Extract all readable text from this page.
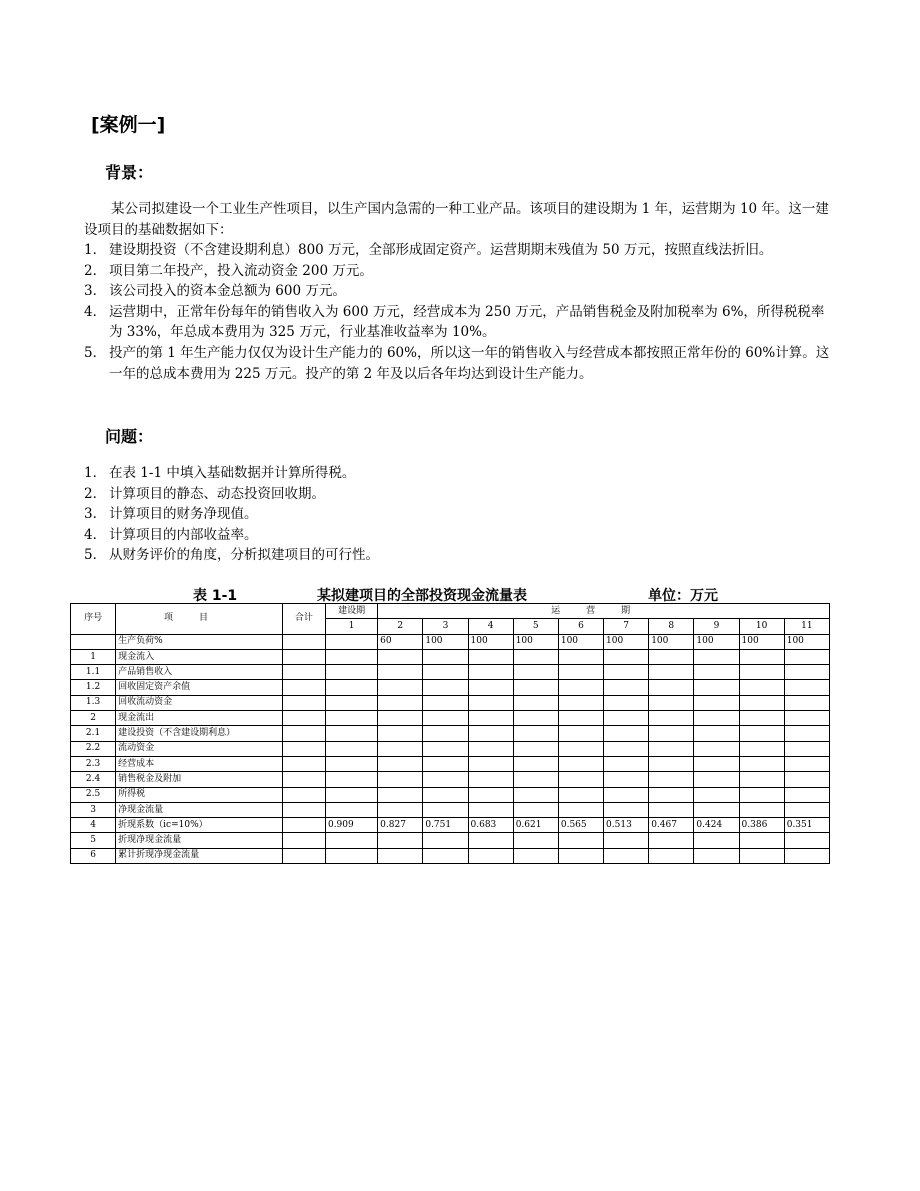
[案例一]
背景：
某公司拟建设一个工业生产性项目，以生产国内急需的一种工业产品。该项目的建设期为 1 年，运营期为 10 年。这一建设项目的基础数据如下：
1． 建设期投资（不含建设期利息）800 万元，全部形成固定资产。运营期期末残值为 50 万元，按照直线法折旧。
2． 项目第二年投产，投入流动资金 200 万元。
3． 该公司投入的资本金总额为 600 万元。
4． 运营期中，正常年份每年的销售收入为 600 万元，经营成本为 250 万元，产品销售税金及附加税率为 6%，所得税税率为 33%，年总成本费用为 325 万元，行业基准收益率为 10%。
5． 投产的第 1 年生产能力仅仅为设计生产能力的 60%，所以这一年的销售收入与经营成本都按照正常年份的 60%计算。这一年的总成本费用为 225 万元。投产的第 2 年及以后各年均达到设计生产能力。
问题：
1． 在表 1-1 中填入基础数据并计算所得税。
2． 计算项目的静态、动态投资回收期。
3． 计算项目的财务净现值。
4． 计算项目的内部收益率。
5． 从财务评价的角度，分析拟建项目的可行性。
表 1-1	某拟建项目的全部投资现金流量表	单位：万元
序号	项目	合计	建设期	运营期									
			1	2	3	4	5	6	7	8	9	10	11
	生产负荷%			60	100	100	100	100	100	100	100	100	100
1	现金流入												
1.1	产品销售收入												
1.2	回收固定资产余值												
1.3	回收流动资金												
2	现金流出												
2.1	建设投资（不含建设期利息）												
2.2	流动资金												
2.3	经营成本												
2.4	销售税金及附加												
2.5	所得税												
3	净现金流量												
4	折现系数（ic=10%）		0.909	0.827	0.751	0.683	0.621	0.565	0.513	0.467	0.424	0.386	0.351
5	折现净现金流量												
6	累计折现净现金流量												
